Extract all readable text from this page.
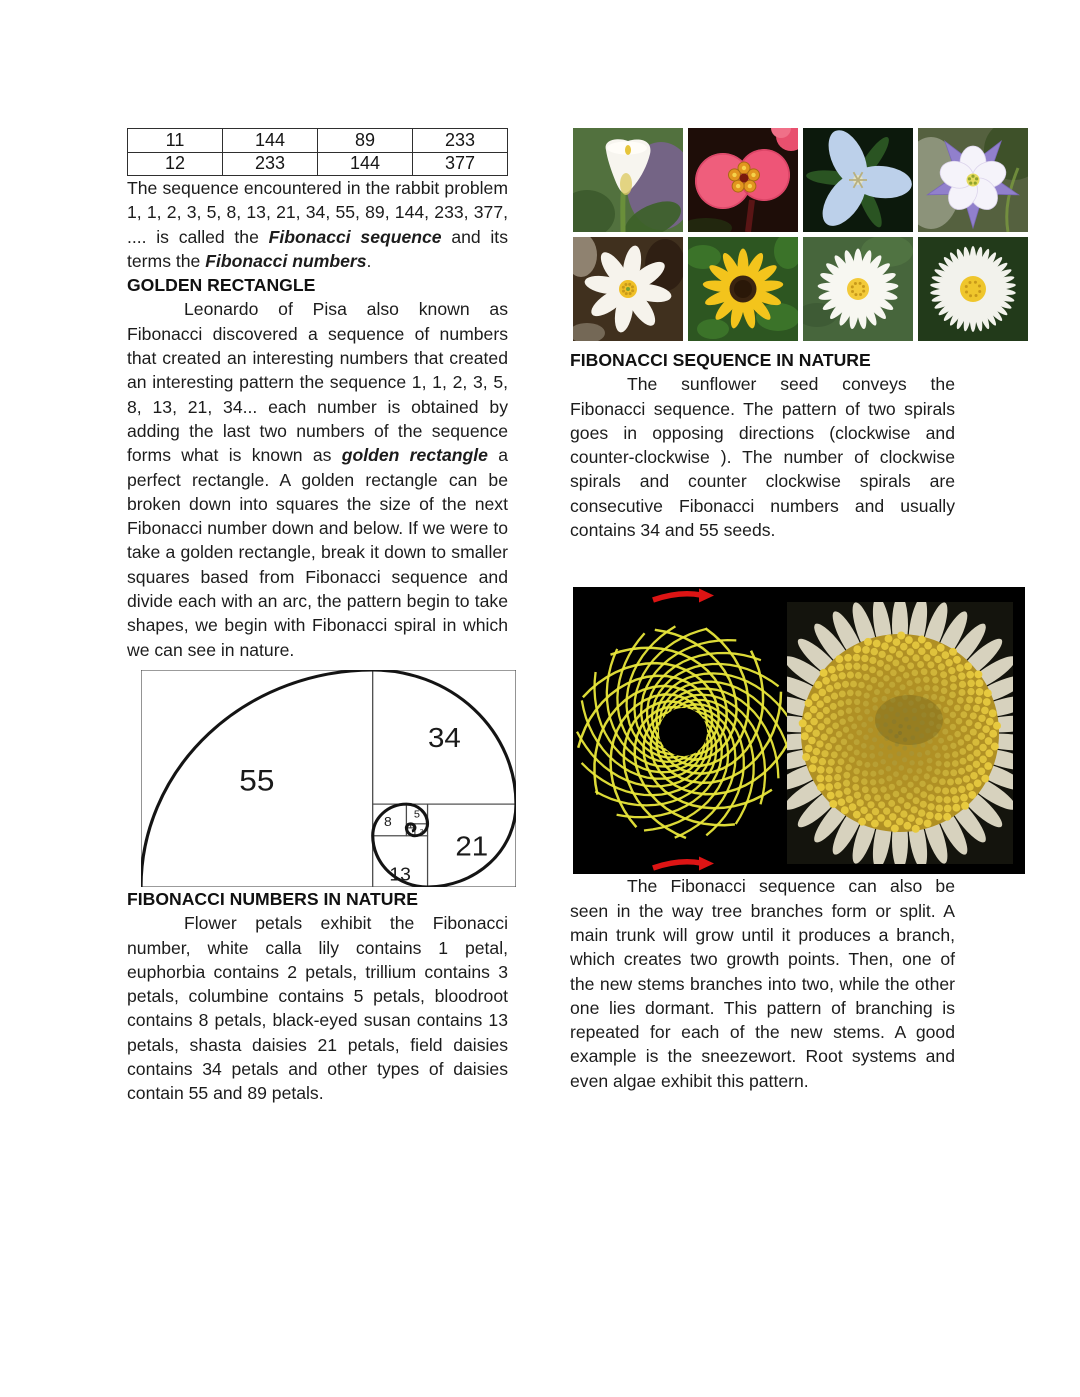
11	144	89	233
12	233	144	377

The sequence encountered in the rabbit problem 1, 1, 2, 3, 5, 8, 13, 21, 34, 55, 89, 144, 233, 377, .... is called the Fibonacci sequence and its terms the Fibonacci numbers.

GOLDEN RECTANGLE

Leonardo of Pisa also known as Fibonacci discovered a sequence of numbers that created an interesting numbers that created an interesting pattern the sequence 1, 1, 2, 3, 5, 8, 13, 21, 34... each number is obtained by adding the last two numbers of the sequence forms what is known as golden rectangle a perfect rectangle. A golden rectangle can be broken down into squares the size of the next Fibonacci number down and below. If we were to take a golden rectangle, break it down to smaller squares based from Fibonacci sequence and divide each with an arc, the pattern begin to take shapes, we begin with Fibonacci spiral in which we can see in nature.

55
34
21
13
8	5
3
FIBONACCI NUMBERS IN NATURE

Flower petals exhibit the Fibonacci number, white calla lily contains 1 petal, euphorbia contains 2 petals, trillium contains 3 petals, columbine contains 5 petals, bloodroot contains 8 petals, black-eyed susan contains 13 petals, shasta daisies 21 petals, field daisies contains 34 petals and other types of daisies contain 55 and 89 petals.

FIBONACCI SEQUENCE IN NATURE

The sunflower seed conveys the Fibonacci sequence. The pattern of two spirals goes in opposing directions (clockwise and counter-clockwise ). The number of clockwise spirals and counter clockwise spirals are consecutive Fibonacci numbers and usually contains 34 and 55 seeds.

The Fibonacci sequence can also be seen in the way tree branches form or split. A main trunk will grow until it produces a branch, which creates two growth points. Then, one of the new stems branches into two, while the other one lies dormant. This pattern of branching is repeated for each of the new stems. A good example is the sneezewort. Root systems and even algae exhibit this pattern.
